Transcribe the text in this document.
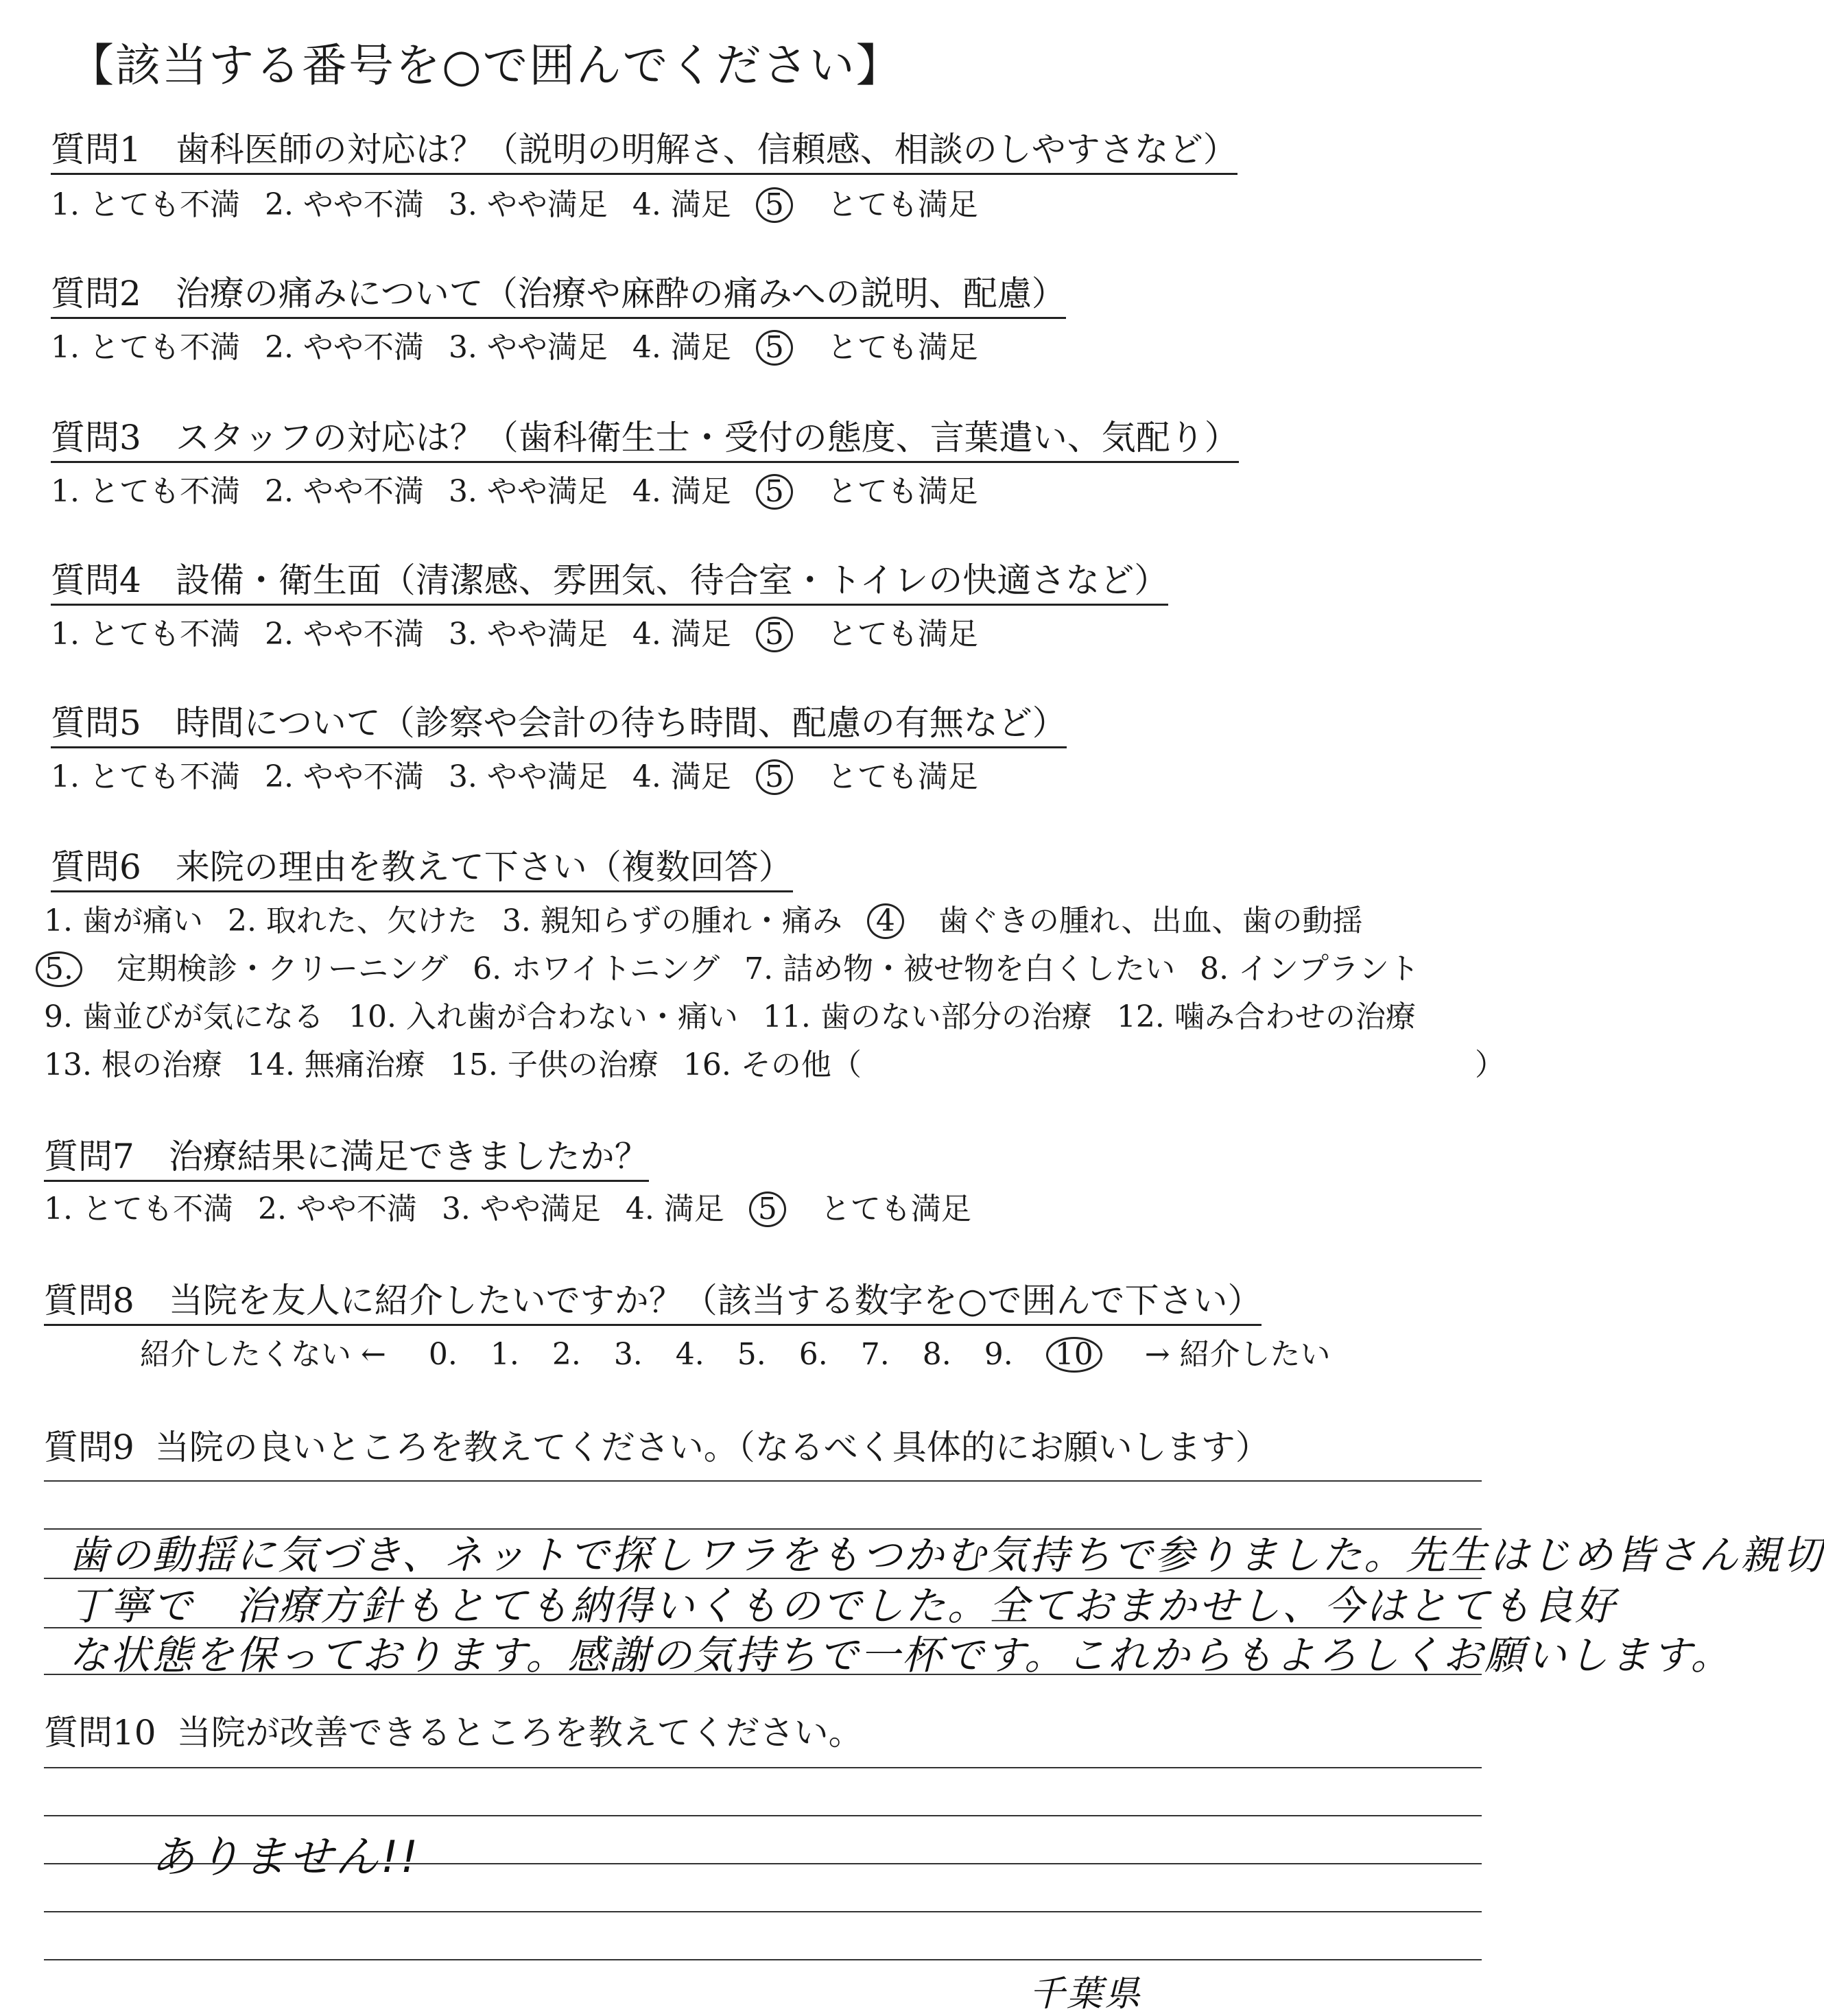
【該当する番号を○で囲んでください】
質問1 歯科医師の対応は？（説明の明解さ、信頼感、相談のしやすさなど）
1. とても不満 2. やや不満 3. やや満足 4. 満足 5 とても満足
質問2 治療の痛みについて（治療や麻酔の痛みへの説明、配慮）
1. とても不満 2. やや不満 3. やや満足 4. 満足 5 とても満足
質問3 スタッフの対応は？（歯科衛生士・受付の態度、言葉遣い、気配り）
1. とても不満 2. やや不満 3. やや満足 4. 満足 5 とても満足
質問4 設備・衛生面（清潔感、雰囲気、待合室・トイレの快適さなど）
1. とても不満 2. やや不満 3. やや満足 4. 満足 5 とても満足
質問5 時間について（診察や会計の待ち時間、配慮の有無など）
1. とても不満 2. やや不満 3. やや満足 4. 満足 5 とても満足
質問6 来院の理由を教えて下さい（複数回答）
1. 歯が痛い 2. 取れた、欠けた 3. 親知らずの腫れ・痛み 4 歯ぐきの腫れ、出血、歯の動揺
5. 定期検診・クリーニング 6. ホワイトニング 7. 詰め物・被せ物を白くしたい 8. インプラント
9. 歯並びが気になる 10. 入れ歯が合わない・痛い 11. 歯のない部分の治療 12. 噛み合わせの治療
13. 根の治療 14. 無痛治療 15. 子供の治療 16. その他（	）
質問7 治療結果に満足できましたか？
1. とても不満 2. やや不満 3. やや満足 4. 満足 5 とても満足
質問8 当院を友人に紹介したいですか？（該当する数字を○で囲んで下さい）
紹介したくない ← 0. 1. 2. 3. 4. 5. 6. 7. 8. 9. 10 → 紹介したい
質問9 当院の良いところを教えてください。（なるべく具体的にお願いします）
歯の動揺に気づき、ネットで探しワラをもつかむ気持ちで参りました。先生はじめ皆さん親切
丁寧で　治療方針もとても納得いくものでした。全ておまかせし、今はとても良好
な状態を保っております。感謝の気持ちで一杯です。これからもよろしくお願いします。
質問10 当院が改善できるところを教えてください。
ありません!!
千葉県
